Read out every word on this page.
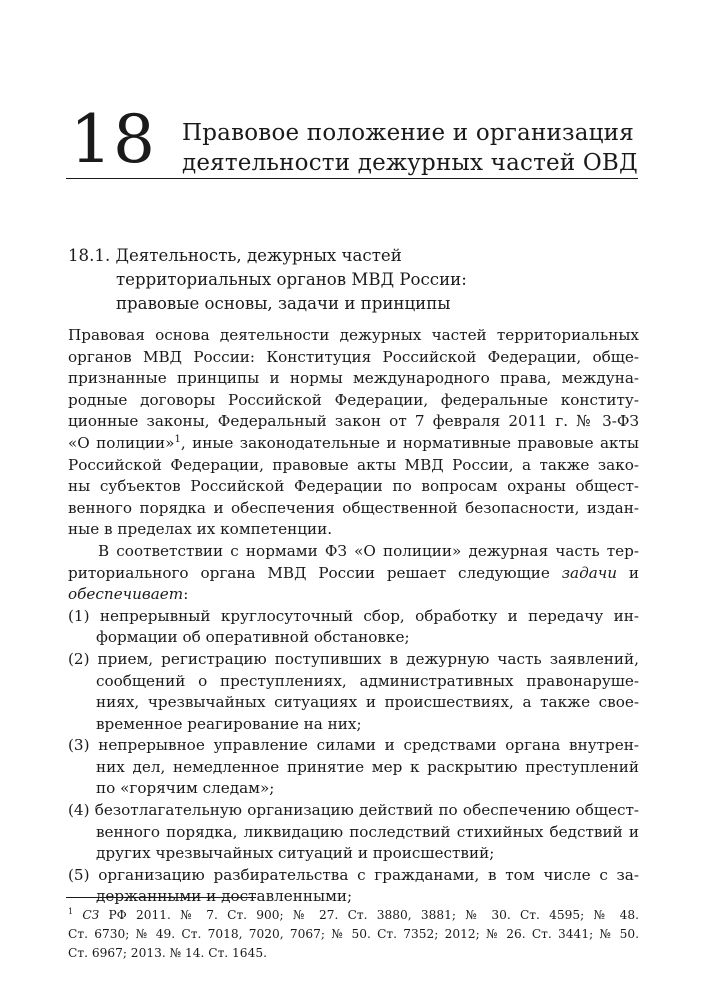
18 Правовое положение и организация
деятельности дежурных частей ОВД
18.1. Деятельность, дежурных частей
территориальных органов МВД России:
правовые основы, задачи и принципы
Правовая основа деятельности дежурных частей территориальных
органов МВД России: Конституция Российской Федерации, обще-
признанные принципы и нормы международного права, междуна-
родные договоры Российской Федерации, федеральные конститу-
ционные законы, Федеральный закон от 7 февраля 2011 г. № 3-ФЗ
«О полиции»$^1$, иные законодательные и нормативные правовые акты
Российской Федерации, правовые акты МВД России, а также зако-
ны субъектов Российской Федерации по вопросам охраны общест-
венного порядка и обеспечения общественной безопасности, издан-
ные в пределах их компетенции.
В соответствии с нормами ФЗ «О полиции» дежурная часть тер-
риториального органа МВД России решает следующие задачи и
обеспечивает:
(1) непрерывный круглосуточный сбор, обработку и передачу ин-
формации об оперативной обстановке;
(2) прием, регистрацию поступивших в дежурную часть заявлений,
сообщений о преступлениях, административных правонаруше-
ниях, чрезвычайных ситуациях и происшествиях, а также свое-
временное реагирование на них;
(3) непрерывное управление силами и средствами органа внутрен-
них дел, немедленное принятие мер к раскрытию преступлений
по «горячим следам»;
(4) безотлагательную организацию действий по обеспечению общест-
венного порядка, ликвидацию последствий стихийных бедствий и
других чрезвычайных ситуаций и происшествий;
(5) организацию разбирательства с гражданами, в том числе с за-
держанными и доставленными;
$^1$ СЗ РФ 2011. № 7. Ст. 900; № 27. Ст. 3880, 3881; № 30. Ст. 4595; № 48.
Ст. 6730; № 49. Ст. 7018, 7020, 7067; № 50. Ст. 7352; 2012; № 26. Ст. 3441; № 50.
Ст. 6967; 2013. № 14. Ст. 1645.
